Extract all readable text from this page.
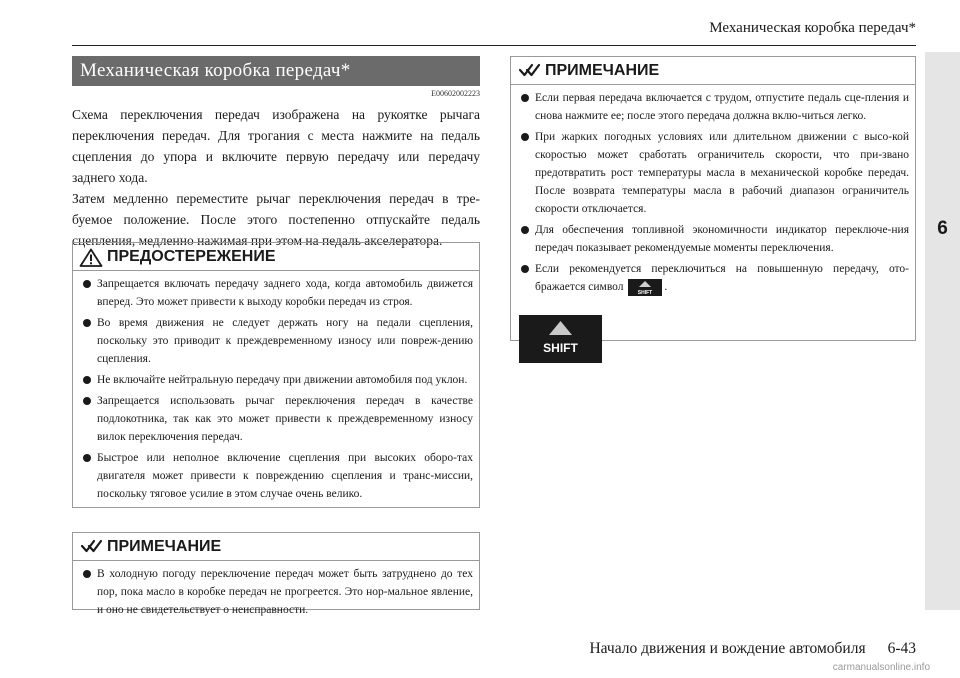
Механическая коробка передач*
6
Механическая коробка передач*
E00602002223

Схема переключения передач изображена на рукоятке рычага переключения передач. Для трогания с места нажмите на педаль сцепления до упора и включите первую передачу или передачу заднего хода.

Затем медленно переместите рычаг переключения передач в тре-буемое положение. После этого постепенно отпускайте педаль сцепления, медленно нажимая при этом на педаль акселератора.

ПРЕДОСТЕРЕЖЕНИЕ
Запрещается включать передачу заднего хода, когда автомобиль движется вперед. Это может привести к выходу коробки передач из строя.
Во время движения не следует держать ногу на педали сцепления, поскольку это приводит к преждевременному износу или повреж-дению сцепления.
Не включайте нейтральную передачу при движении автомобиля под уклон.
Запрещается использовать рычаг переключения передач в качестве подлокотника, так как это может привести к преждевременному износу вилок переключения передач.
Быстрое или неполное включение сцепления при высоких оборо-тах двигателя может привести к повреждению сцепления и транс-миссии, поскольку тяговое усилие в этом случае очень велико.
ПРИМЕЧАНИЕ
В холодную погоду переключение передач может быть затруднено до тех пор, пока масло в коробке передач не прогреется. Это нор-мальное явление, и оно не свидетельствует о неисправности.
ПРИМЕЧАНИЕ
Если первая передача включается с трудом, отпустите педаль сце-пления и снова нажмите ее; после этого передача должна вклю-читься легко.
При жарких погодных условиях или длительном движении с высо-кой скоростью может сработать ограничитель скорости, что при-звано предотвратить рост температуры масла в механической коробке передач. После возврата температуры масла в рабочий диапазон ограничитель скорости отключается.
Для обеспечения топливной экономичности индикатор переключе-ния передач показывает рекомендуемые моменты переключения.
Если рекомендуется переключиться на повышенную передачу, ото-бражается символ	SHIFT .
SHIFT
Начало движения и вождение автомобиля 6-43
carmanualsonline.info
